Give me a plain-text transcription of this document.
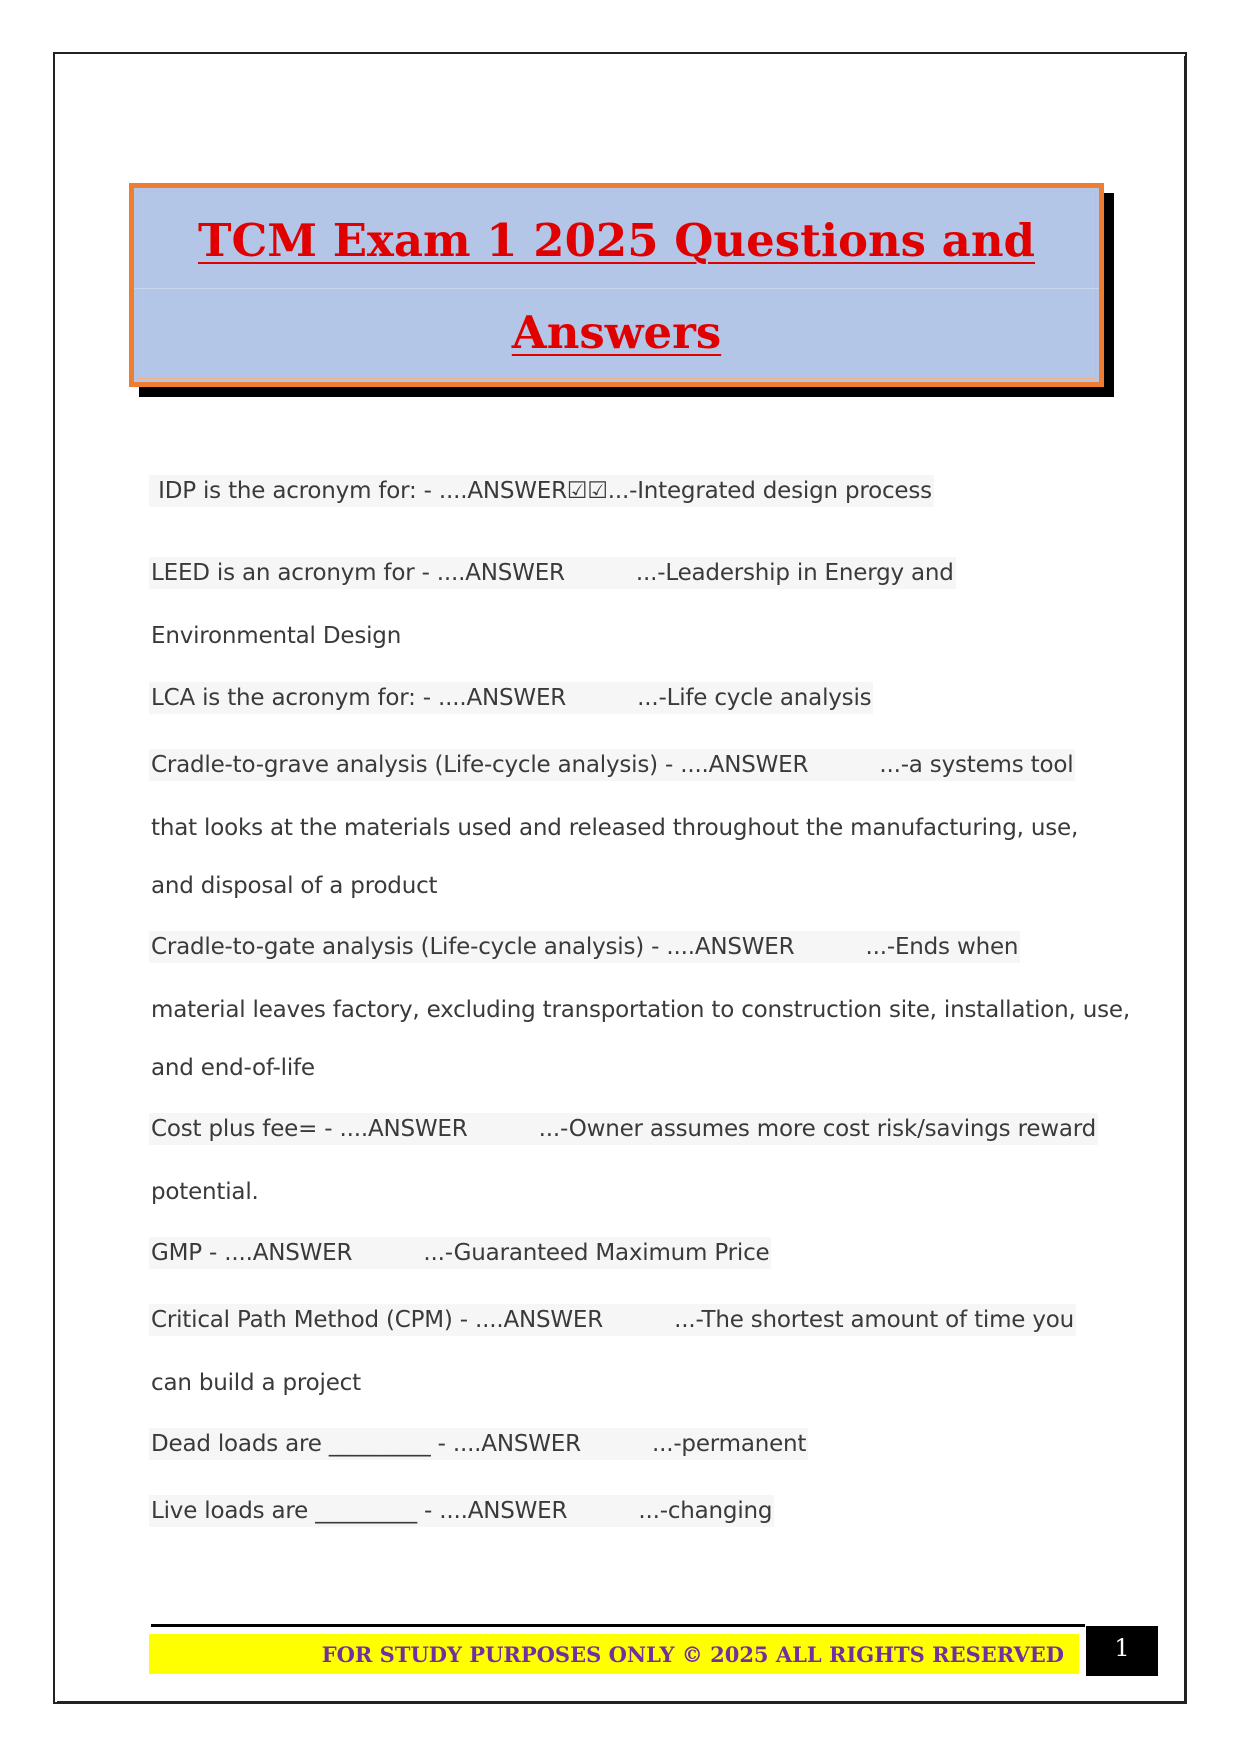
TCM Exam 1 2025 Questions and
Answers
IDP is the acronym for: - ....ANSWER☑☑...-Integrated design process
LEED is an acronym for - ....ANSWER          ...-Leadership in Energy and
Environmental Design
LCA is the acronym for: - ....ANSWER          ...-Life cycle analysis
Cradle-to-grave analysis (Life-cycle analysis) - ....ANSWER          ...-a systems tool
that looks at the materials used and released throughout the manufacturing, use,
and disposal of a product
Cradle-to-gate analysis (Life-cycle analysis) - ....ANSWER          ...-Ends when
material leaves factory, excluding transportation to construction site, installation, use,
and end-of-life
Cost plus fee= - ....ANSWER          ...-Owner assumes more cost risk/savings reward
potential.
GMP - ....ANSWER          ...-Guaranteed Maximum Price
Critical Path Method (CPM) - ....ANSWER          ...-The shortest amount of time you
can build a project
Dead loads are _________ - ....ANSWER          ...-permanent
Live loads are _________ - ....ANSWER          ...-changing
FOR STUDY PURPOSES ONLY © 2025 ALL RIGHTS RESERVED	1
